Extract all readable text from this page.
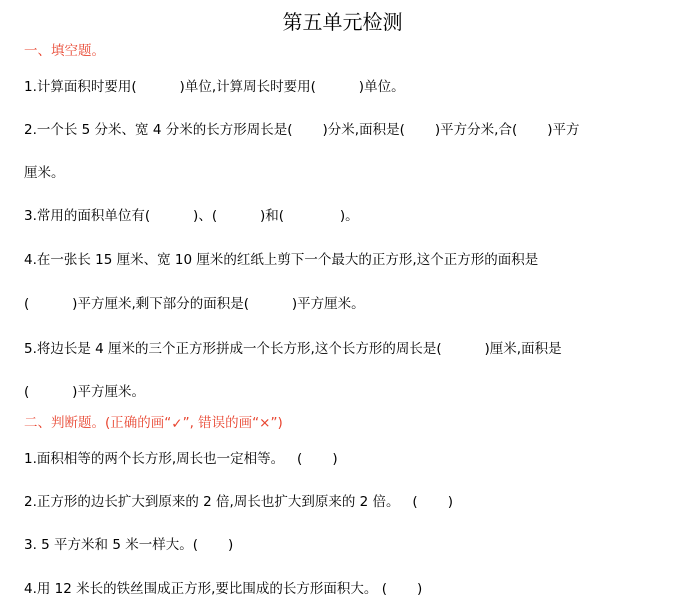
第五单元检测
一、填空题。
1.计算面积时要用(          )单位,计算周长时要用(          )单位。
2.一个长 5 分米、宽 4 分米的长方形周长是(       )分米,面积是(       )平方分米,合(       )平方
厘米。
3.常用的面积单位有(          )、(          )和(             )。
4.在一张长 15 厘米、宽 10 厘米的红纸上剪下一个最大的正方形,这个正方形的面积是
(          )平方厘米,剩下部分的面积是(          )平方厘米。
5.将边长是 4 厘米的三个正方形拼成一个长方形,这个长方形的周长是(          )厘米,面积是
(          )平方厘米。
二、判断题。(正确的画“✓”, 错误的画“×”)
1.面积相等的两个长方形,周长也一定相等。   (       )
2.正方形的边长扩大到原来的 2 倍,周长也扩大到原来的 2 倍。   (       )
3. 5 平方米和 5 米一样大。(       )
4.用 12 米长的铁丝围成正方形,要比围成的长方形面积大。 (       )
